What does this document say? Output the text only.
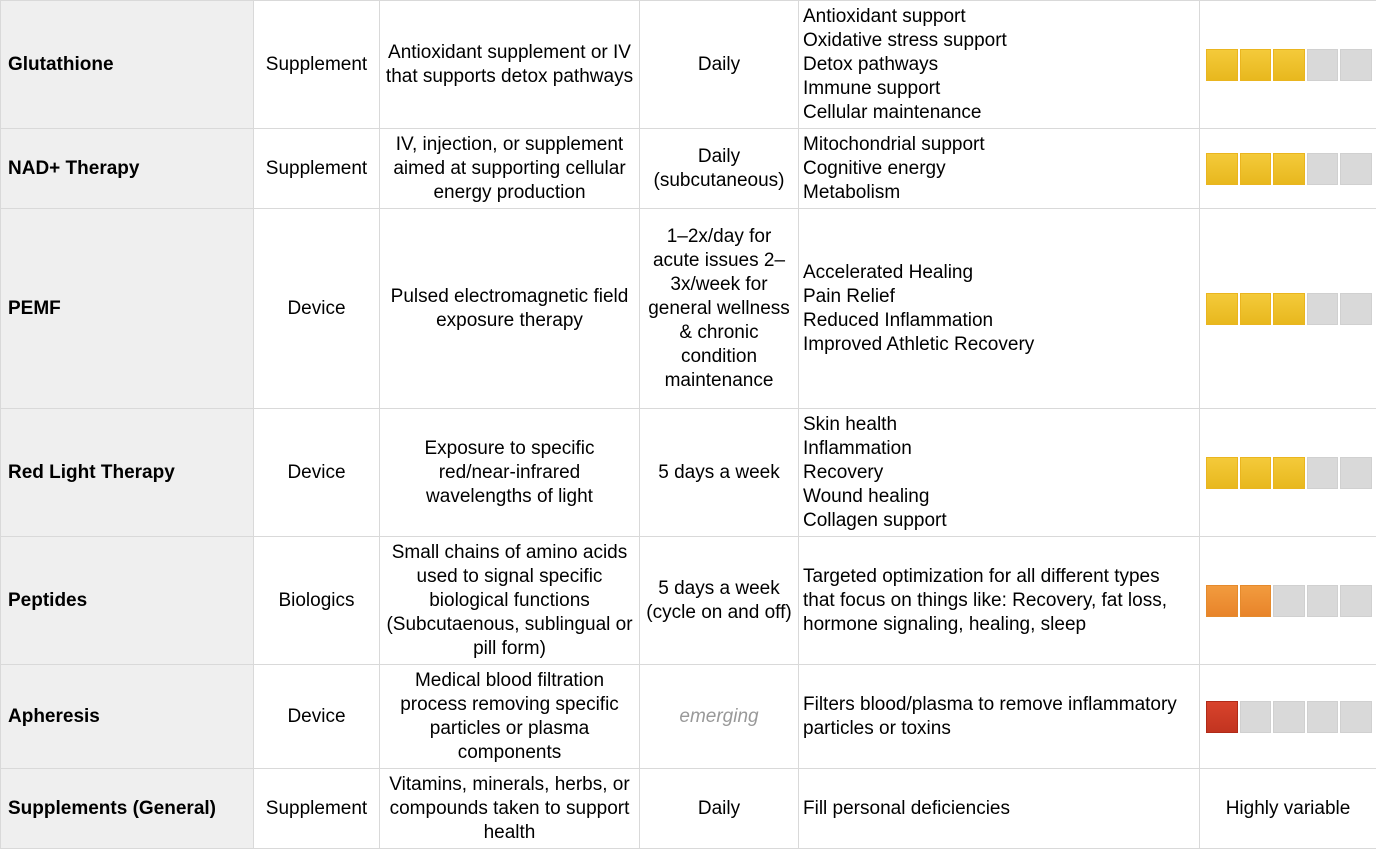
Glutathione	Supplement	Antioxidant supplement or IV that supports detox pathways	Daily	Antioxidant support
Oxidative stress support
Detox pathways
Immune support
Cellular maintenance	

NAD+ Therapy	Supplement	IV, injection, or supplement aimed at supporting cellular energy production	Daily (subcutaneous)	Mitochondrial support
Cognitive energy
Metabolism	

PEMF	Device	Pulsed electromagnetic field exposure therapy	1–2x/day for acute issues 2–3x/week for general wellness & chronic condition maintenance	Accelerated Healing
Pain Relief
Reduced Inflammation
Improved Athletic Recovery	

Red Light Therapy	Device	Exposure to specific red/near-infrared wavelengths of light	5 days a week	Skin health
Inflammation
Recovery
Wound healing
Collagen support	

Peptides	Biologics	Small chains of amino acids used to signal specific biological functions (Subcutaenous, sublingual or pill form)	5 days a week (cycle on and off)	Targeted optimization for all different types that focus on things like: Recovery, fat loss, hormone signaling, healing, sleep	

Apheresis	Device	Medical blood filtration process removing specific particles or plasma components	emerging	Filters blood/plasma to remove inflammatory particles or toxins	

Supplements (General)	Supplement	Vitamins, minerals, herbs, or compounds taken to support health	Daily	Fill personal deficiencies	Highly variable
